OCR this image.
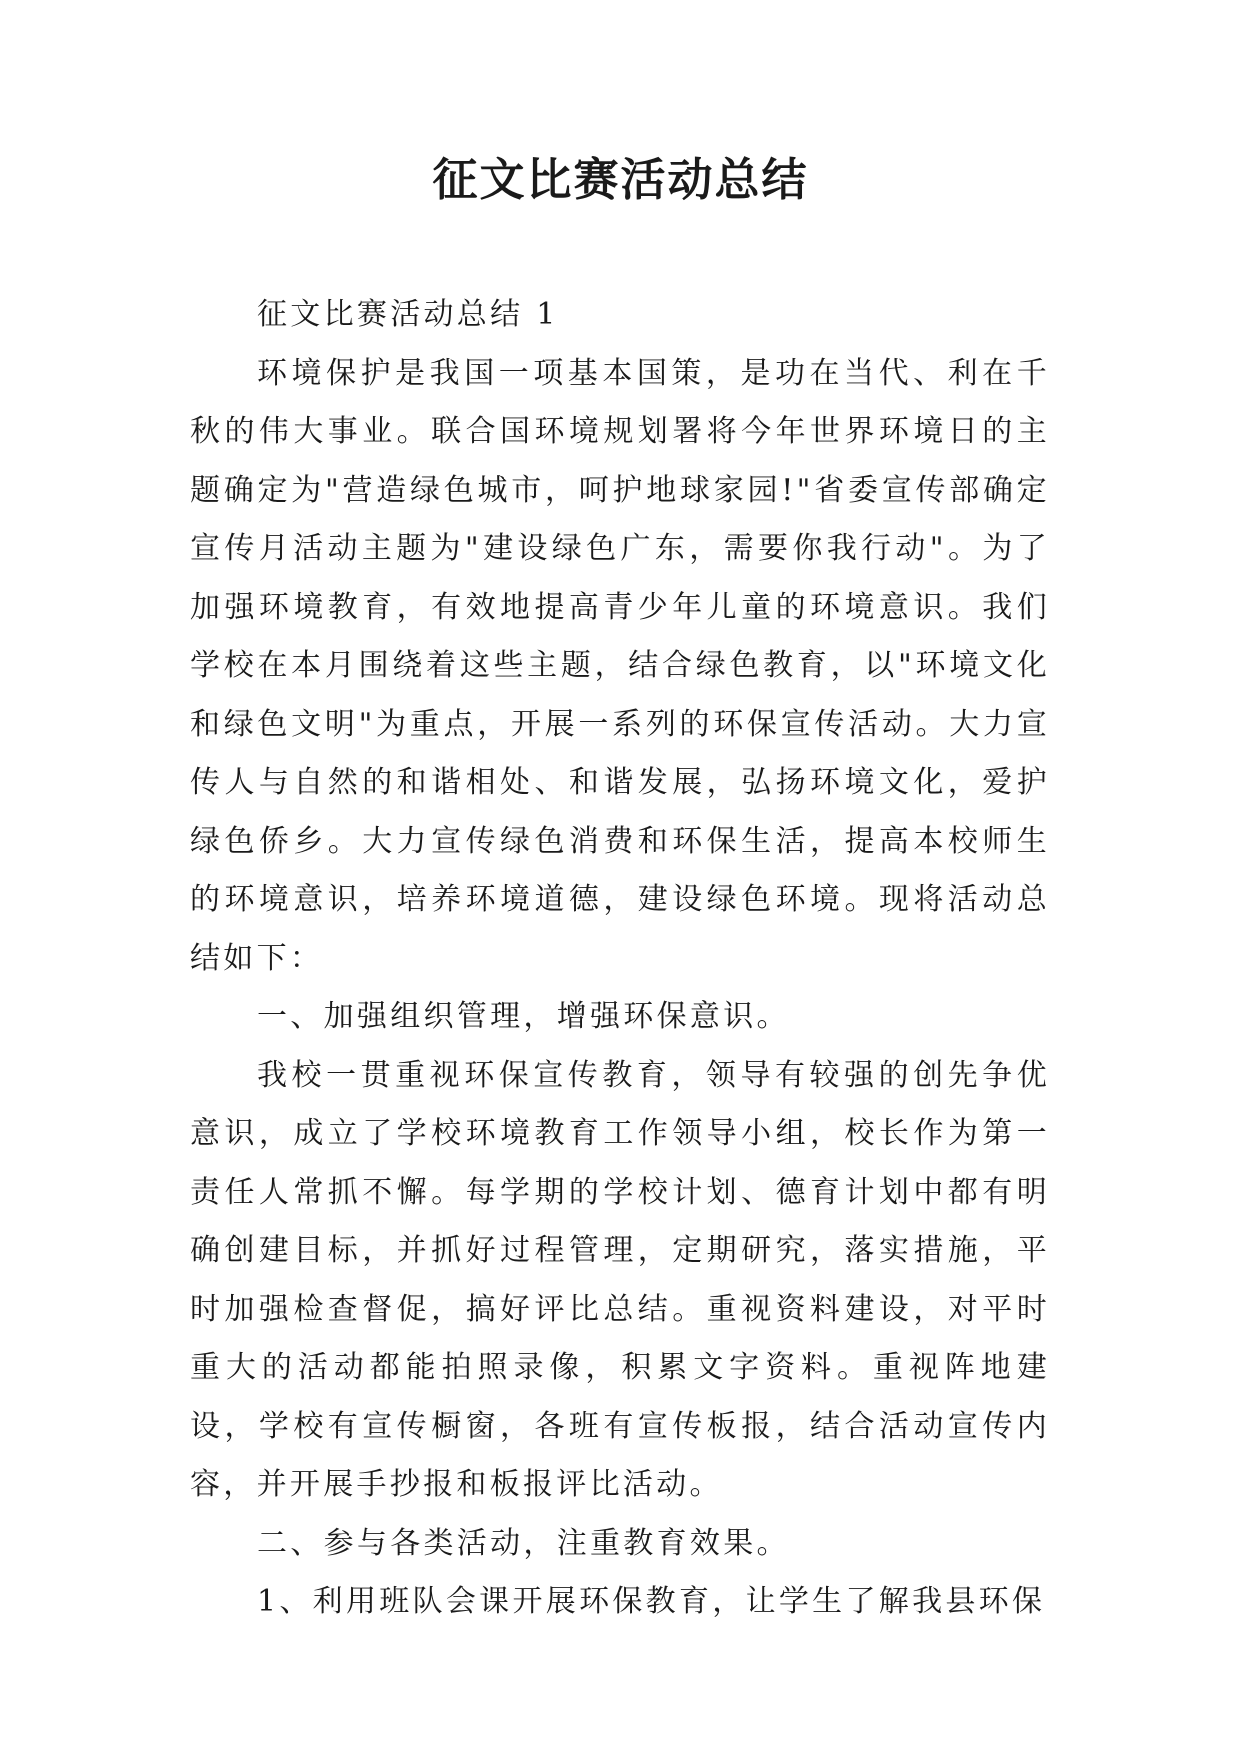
征文比赛活动总结

征文比赛活动总结 1

环境保护是我国一项基本国策，是功在当代、利在千秋的伟大事业。联合国环境规划署将今年世界环境日的主题确定为"营造绿色城市，呵护地球家园!"省委宣传部确定宣传月活动主题为"建设绿色广东，需要你我行动"。为了加强环境教育，有效地提高青少年儿童的环境意识。我们学校在本月围绕着这些主题，结合绿色教育，以"环境文化和绿色文明"为重点，开展一系列的环保宣传活动。大力宣传人与自然的和谐相处、和谐发展，弘扬环境文化，爱护绿色侨乡。大力宣传绿色消费和环保生活，提高本校师生的环境意识，培养环境道德，建设绿色环境。现将活动总结如下：

一、加强组织管理，增强环保意识。

我校一贯重视环保宣传教育，领导有较强的创先争优意识，成立了学校环境教育工作领导小组，校长作为第一责任人常抓不懈。每学期的学校计划、德育计划中都有明确创建目标，并抓好过程管理，定期研究，落实措施，平时加强检查督促，搞好评比总结。重视资料建设，对平时重大的活动都能拍照录像，积累文字资料。重视阵地建设，学校有宣传橱窗，各班有宣传板报，结合活动宣传内容，并开展手抄报和板报评比活动。

二、参与各类活动，注重教育效果。

1、利用班队会课开展环保教育，让学生了解我县环保
